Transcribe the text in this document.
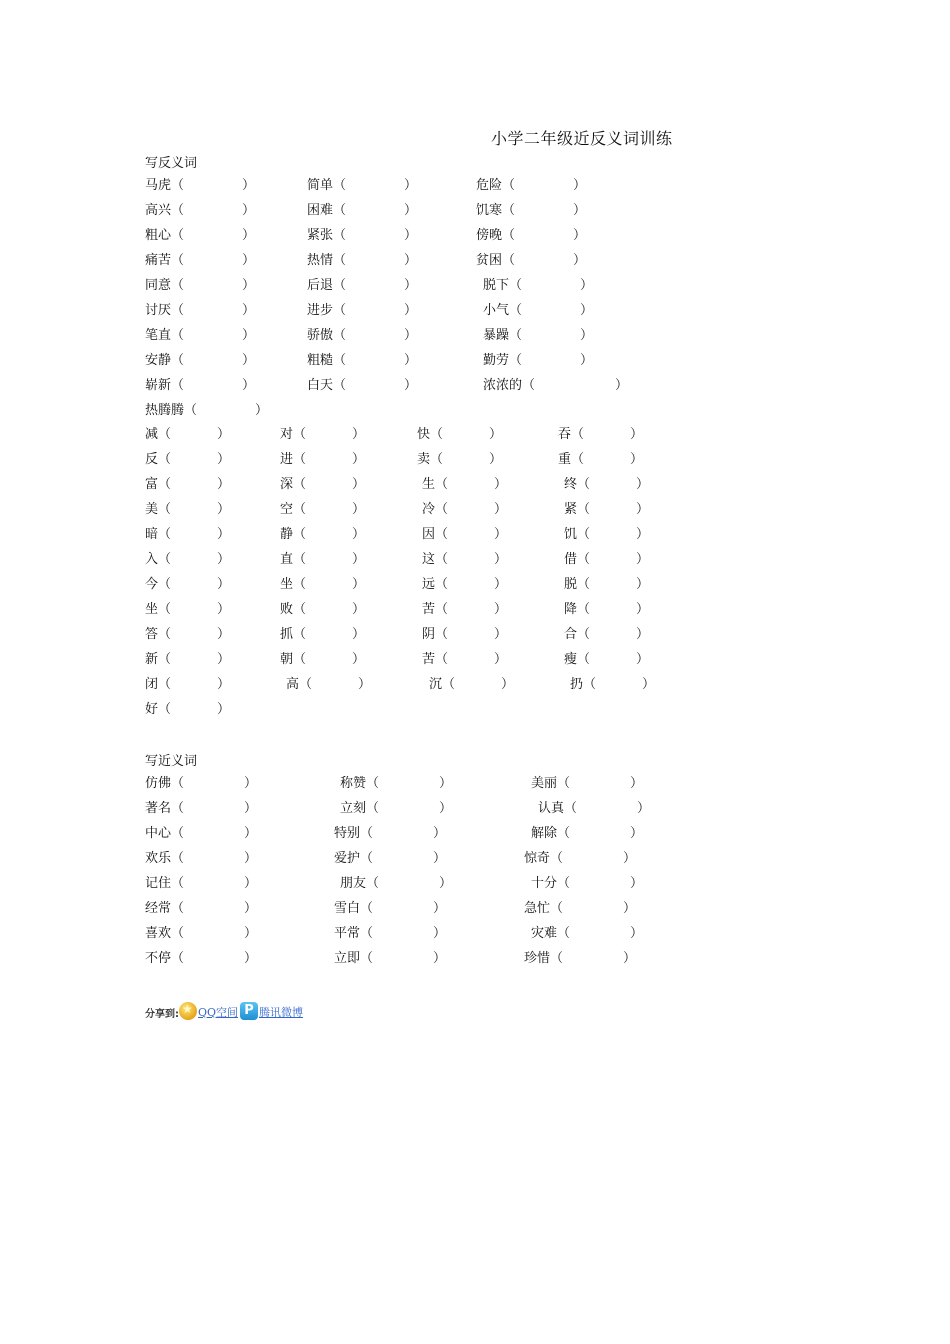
小学二年级近反义词训练
写反义词
马虎 （	）	简单 （	）	危险 （	）
高兴 （	）	困难 （	）	饥寒 （	）
粗心 （	）	紧张 （	）	傍晚 （	）
痛苦 （	）	热情 （	）	贫困 （	）
同意 （	）	后退 （	）	脱下 （	）
讨厌 （	）	进步 （	）	小气 （	）
笔直 （	）	骄傲 （	）	暴躁 （	）
安静 （	）	粗糙 （	）	勤劳 （	）
崭新 （	）	白天 （	）	浓浓的 （	）
热腾腾 （	）
减 （	）	对 （	）	快 （	）	吞 （	）
反 （	）	进 （	）	卖 （	）	重 （	）
富 （	）	深 （	）	生 （	）	终 （	）
美 （	）	空 （	）	冷 （	）	紧 （	）
暗 （	）	静 （	）	因 （	）	饥 （	）
入 （	）	直 （	）	这 （	）	借 （	）
今 （	）	坐 （	）	远 （	）	脱 （	）
坐 （	）	败 （	）	苦 （	）	降 （	）
答 （	）	抓 （	）	阴 （	）	合 （	）
新 （	）	朝 （	）	苦 （	）	瘦 （	）
闭 （	）	高 （	）	沉 （	）	扔 （	）
好 （	）
写近义词
仿佛 （	）	称赞 （	）	美丽 （	）
著名 （	）	立刻 （	）	认真 （	）
中心 （	）	特别 （	）	解除 （	）
欢乐 （	）	爱护 （	）	惊奇 （	）
记住 （	）	朋友 （	）	十分 （	）
经常 （	）	雪白 （	）	急忙 （	）
喜欢 （	）	平常 （	）	灾难 （	）
不停 （	）	立即 （	）	珍惜 （	）
分享到:
★ QQ空间 P 腾讯微博
